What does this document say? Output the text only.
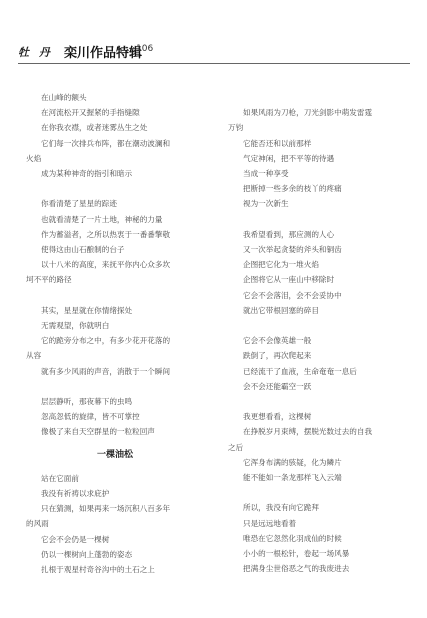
牡 丹 栾川作品特辑
106
在山峰的额头
在河流松开又握紧的手指缝隙
在你我衣襟，或者迷雾丛生之处
它们每一次排兵布阵，都在潮动波澜和
火焰
成为某种神奇的指引和暗示
你看清楚了星星的踪迹
也就看清楚了一片土地，神秘的力量
作为蓄溢者，之所以热衷于一番番擎敬
使得这由山石酿制的台子
以十八米的高度，来抚平你内心众多坎
坷不平的路径
其实，星星就在你情绪探处
无需观望，你就明白
它的跪旁分布之中，有多少花开花落的
从容
就有多少风雨的声音，消散于一个瞬间
层层静听，那夜幕下的虫鸣
忽高忽低的旋律，皆不可掌控
像极了来自天空群星的一粒粒回声
一棵油松
站在它面前
我没有祈祷以求庇护
只在猜测，如果再来一场沉积八百多年
的风雨
它会不会仍是一棵树
仍以一棵树向上蓬勃的姿态
扎根于观星村奇谷沟中的土石之上
如果风雨为刀枪，刀光剑影中萌发雷霆
万钧
它能否还和以前那样
气定神闲，把不平等的待遇
当成一种享受
把断掉一些多余的枝丫的疼痛
视为一次新生
我希望看到，那应测的人心
又一次举起贪婪的斧头和铜齿
企图把它化为一堆火焰
企图将它从一座山中移除时
它会不会落泪，会不会妥协中
就出它带根回塞的碎目
它会不会像英雄一般
跌倒了，再次爬起来
已经流干了血液，生命奄奄一息后
会不会还能霸空一跃
我更想看看，这棵树
在挣脱岁月束缚，摆脱光数过去的自我
之后
它浑身布满的骇疑，化为鳞片
能不能如一条龙那样飞入云端
所以，我没有向它跪拜
只是远远地看着
唯恐在它忽然化羽成仙的时候
小小的一根松针，卷起一场风暴
把满身尘世俗恶之气的我废进去
